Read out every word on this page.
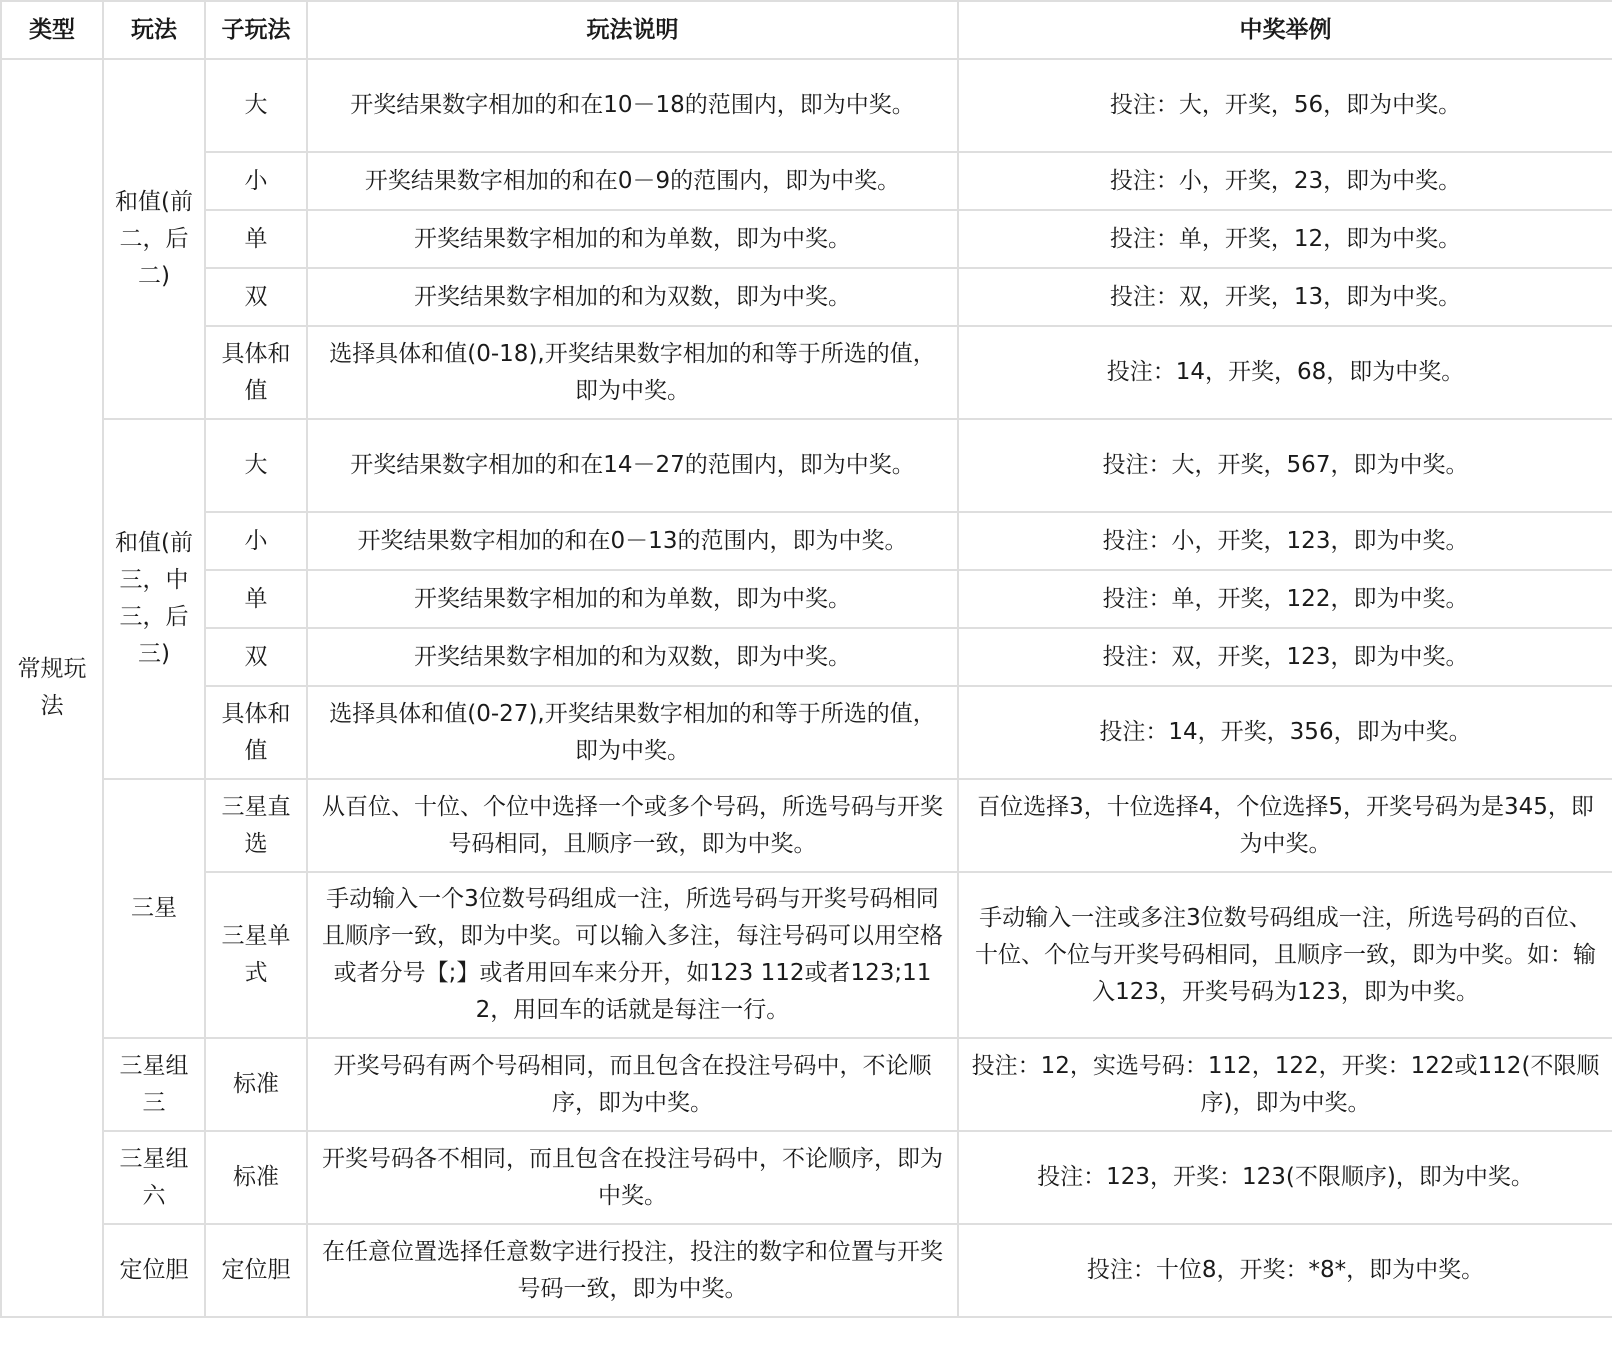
类型	玩法	子玩法	玩法说明	中奖举例
常规玩法	和值(前二，后二)	大	开奖结果数字相加的和在10－18的范围内，即为中奖。	投注：大，开奖，56，即为中奖。
		小	开奖结果数字相加的和在0－9的范围内，即为中奖。	投注：小，开奖，23，即为中奖。
		单	开奖结果数字相加的和为单数，即为中奖。	投注：单，开奖，12，即为中奖。
		双	开奖结果数字相加的和为双数，即为中奖。	投注：双，开奖，13，即为中奖。
		具体和值	选择具体和值(0-18),开奖结果数字相加的和等于所选的值，即为中奖。	投注：14，开奖，68，即为中奖。
	和值(前三，中三，后三)	大	开奖结果数字相加的和在14－27的范围内，即为中奖。	投注：大，开奖，567，即为中奖。
		小	开奖结果数字相加的和在0－13的范围内，即为中奖。	投注：小，开奖，123，即为中奖。
		单	开奖结果数字相加的和为单数，即为中奖。	投注：单，开奖，122，即为中奖。
		双	开奖结果数字相加的和为双数，即为中奖。	投注：双，开奖，123，即为中奖。
		具体和值	选择具体和值(0-27),开奖结果数字相加的和等于所选的值，即为中奖。	投注：14，开奖，356，即为中奖。
	三星	三星直选	从百位、十位、个位中选择一个或多个号码，所选号码与开奖号码相同，且顺序一致，即为中奖。	百位选择3，十位选择4，个位选择5，开奖号码为是345，即为中奖。
		三星单式	手动输入一个3位数号码组成一注，所选号码与开奖号码相同且顺序一致，即为中奖。可以输入多注，每注号码可以用空格或者分号【;】或者用回车来分开，如123 112或者123;112，用回车的话就是每注一行。	手动输入一注或多注3位数号码组成一注，所选号码的百位、十位、个位与开奖号码相同，且顺序一致，即为中奖。如：输入123，开奖号码为123，即为中奖。
	三星组三	标准	开奖号码有两个号码相同，而且包含在投注号码中，不论顺序，即为中奖。	投注：12，实选号码：112，122，开奖：122或112(不限顺序)，即为中奖。
	三星组六	标准	开奖号码各不相同，而且包含在投注号码中，不论顺序，即为中奖。	投注：123，开奖：123(不限顺序)，即为中奖。
	定位胆	定位胆	在任意位置选择任意数字进行投注，投注的数字和位置与开奖号码一致，即为中奖。	投注：十位8，开奖：*8*，即为中奖。
